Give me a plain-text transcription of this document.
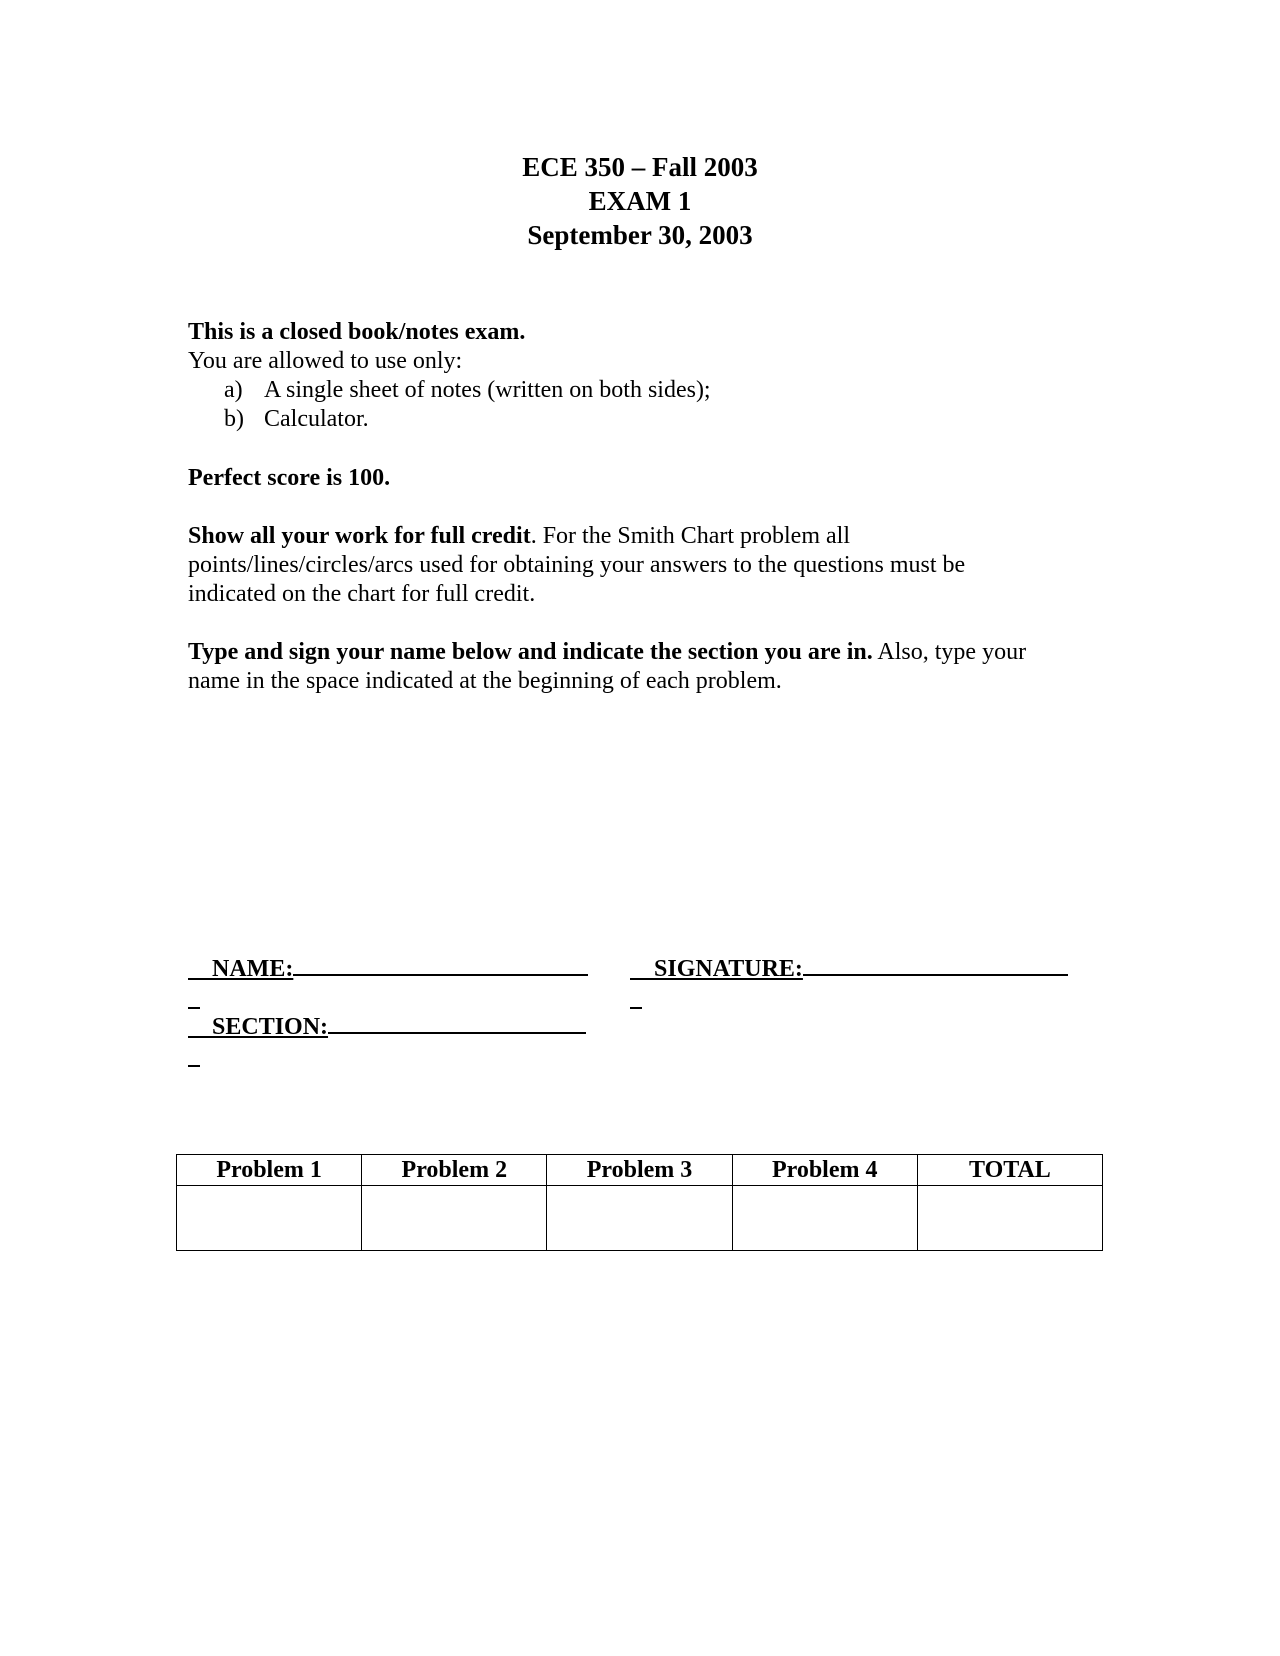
ECE 350 – Fall 2003
EXAM 1
September 30, 2003
This is a closed book/notes exam.
You are allowed to use only:
a) A single sheet of notes (written on both sides);
b) Calculator.
Perfect score is 100.
Show all your work for full credit. For the Smith Chart problem all
points/lines/circles/arcs used for obtaining your answers to the questions must be
indicated on the chart for full credit.
Type and sign your name below and indicate the section you are in. Also, type your
name in the space indicated at the beginning of each problem.

NAME:
	SIGNATURE:

SECTION:

Problem 1	Problem 2	Problem 3	Problem 4	TOTAL
